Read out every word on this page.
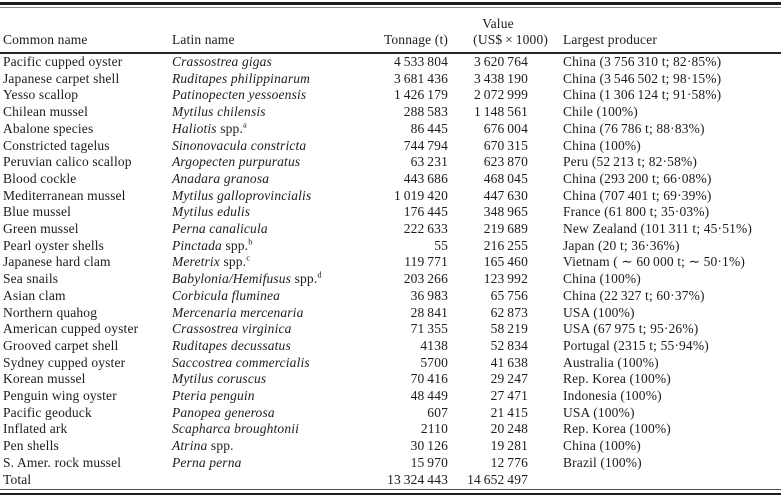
Common name	Latin name	Tonnage (t)	Value
(US$ × 1000)	Largest producer
Pacific cupped oyster	Crassostrea gigas	4 533 804	3 620 764	China (3 756 310 t; 82·85%)
Japanese carpet shell	Ruditapes philippinarum	3 681 436	3 438 190	China (3 546 502 t; 98·15%)
Yesso scallop	Patinopecten yessoensis	1 426 179	2 072 999	China (1 306 124 t; 91·58%)
Chilean mussel	Mytilus chilensis	288 583	1 148 561	Chile (100%)
Abalone species	Haliotis spp.$^a$	86 445	676 004	China (76 786 t; 88·83%)
Constricted tagelus	Sinonovacula constricta	744 794	670 315	China (100%)
Peruvian calico scallop	Argopecten purpuratus	63 231	623 870	Peru (52 213 t; 82·58%)
Blood cockle	Anadara granosa	443 686	468 045	China (293 200 t; 66·08%)
Mediterranean mussel	Mytilus galloprovincialis	1 019 420	447 630	China (707 401 t; 69·39%)
Blue mussel	Mytilus edulis	176 445	348 965	France (61 800 t; 35·03%)
Green mussel	Perna canalicula	222 633	219 689	New Zealand (101 311 t; 45·51%)
Pearl oyster shells	Pinctada spp.$^b$	55	216 255	Japan (20 t; 36·36%)
Japanese hard clam	Meretrix spp.$^c$	119 771	165 460	Vietnam ( ∼ 60 000 t; ∼ 50·1%)
Sea snails	Babylonia/Hemifusus spp.$^d$	203 266	123 992	China (100%)
Asian clam	Corbicula fluminea	36 983	65 756	China (22 327 t; 60·37%)
Northern quahog	Mercenaria mercenaria	28 841	62 873	USA (100%)
American cupped oyster	Crassostrea virginica	71 355	58 219	USA (67 975 t; 95·26%)
Grooved carpet shell	Ruditapes decussatus	4138	52 834	Portugal (2315 t; 55·94%)
Sydney cupped oyster	Saccostrea commercialis	5700	41 638	Australia (100%)
Korean mussel	Mytilus coruscus	70 416	29 247	Rep. Korea (100%)
Penguin wing oyster	Pteria penguin	48 449	27 471	Indonesia (100%)
Pacific geoduck	Panopea generosa	607	21 415	USA (100%)
Inflated ark	Scapharca broughtonii	2110	20 248	Rep. Korea (100%)
Pen shells	Atrina spp.	30 126	19 281	China (100%)
S. Amer. rock mussel	Perna perna	15 970	12 776	Brazil (100%)
Total		13 324 443	14 652 497	
